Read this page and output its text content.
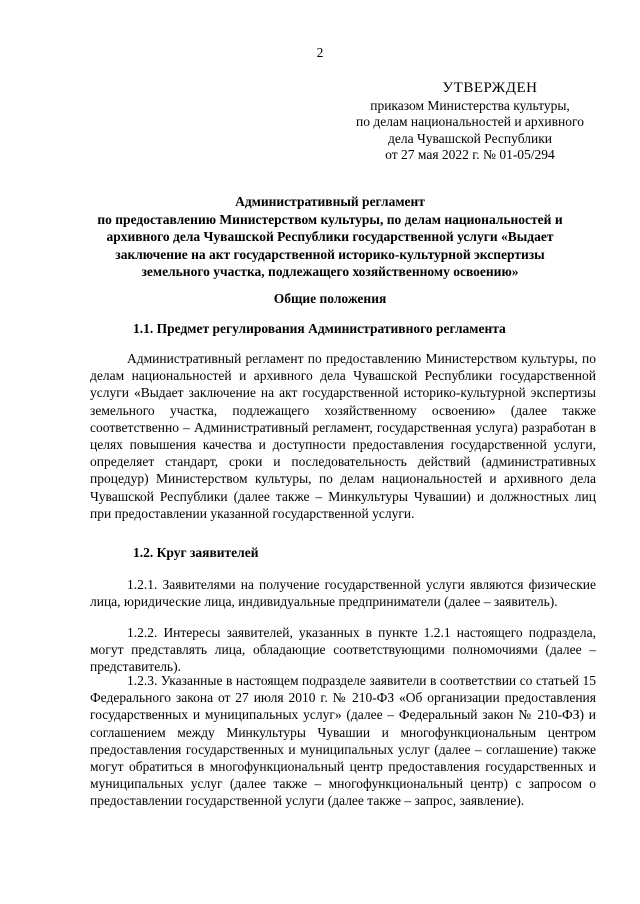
2
УТВЕРЖДЕН
приказом Министерства культуры,
по делам национальностей и архивного
дела Чувашской Республики
от 27 мая 2022 г. № 01-05/294
Административный регламент
по предоставлению Министерством культуры, по делам национальностей и
архивного дела Чувашской Республики государственной услуги «Выдает
заключение на акт государственной историко-культурной экспертизы
земельного участка, подлежащего хозяйственному освоению»
Общие положения
1.1. Предмет регулирования Административного регламента

Административный регламент по предоставлению Министерством культуры, по делам национальностей и архивного дела Чувашской Республики государственной услуги «Выдает заключение на акт государственной историко-культурной экспертизы земельного участка, подлежащего хозяйственному освоению» (далее также соответственно – Административный регламент, государственная услуга) разработан в целях повышения качества и доступности предоставления государственной услуги, определяет стандарт, сроки и последовательность действий (административных процедур) Министерством культуры, по делам национальностей и архивного дела Чувашской Республики (далее также – Минкультуры Чувашии) и должностных лиц при предоставлении указанной государственной услуги.

1.2. Круг заявителей

1.2.1. Заявителями на получение государственной услуги являются физические лица, юридические лица, индивидуальные предприниматели (далее – заявитель).

1.2.2. Интересы заявителей, указанных в пункте 1.2.1 настоящего подраздела, могут представлять лица, обладающие соответствующими полномочиями (далее – представитель).

1.2.3. Указанные в настоящем подразделе заявители в соответствии со статьей 15 Федерального закона от 27 июля 2010 г. № 210-ФЗ «Об организации предоставления государственных и муниципальных услуг» (далее – Федеральный закон № 210-ФЗ) и соглашением между Минкультуры Чувашии и многофункциональным центром предоставления государственных и муниципальных услуг (далее – соглашение) также могут обратиться в многофункциональный центр предоставления государственных и муниципальных услуг (далее также – многофункциональный центр) с запросом о предоставлении государственной услуги (далее также – запрос, заявление).
